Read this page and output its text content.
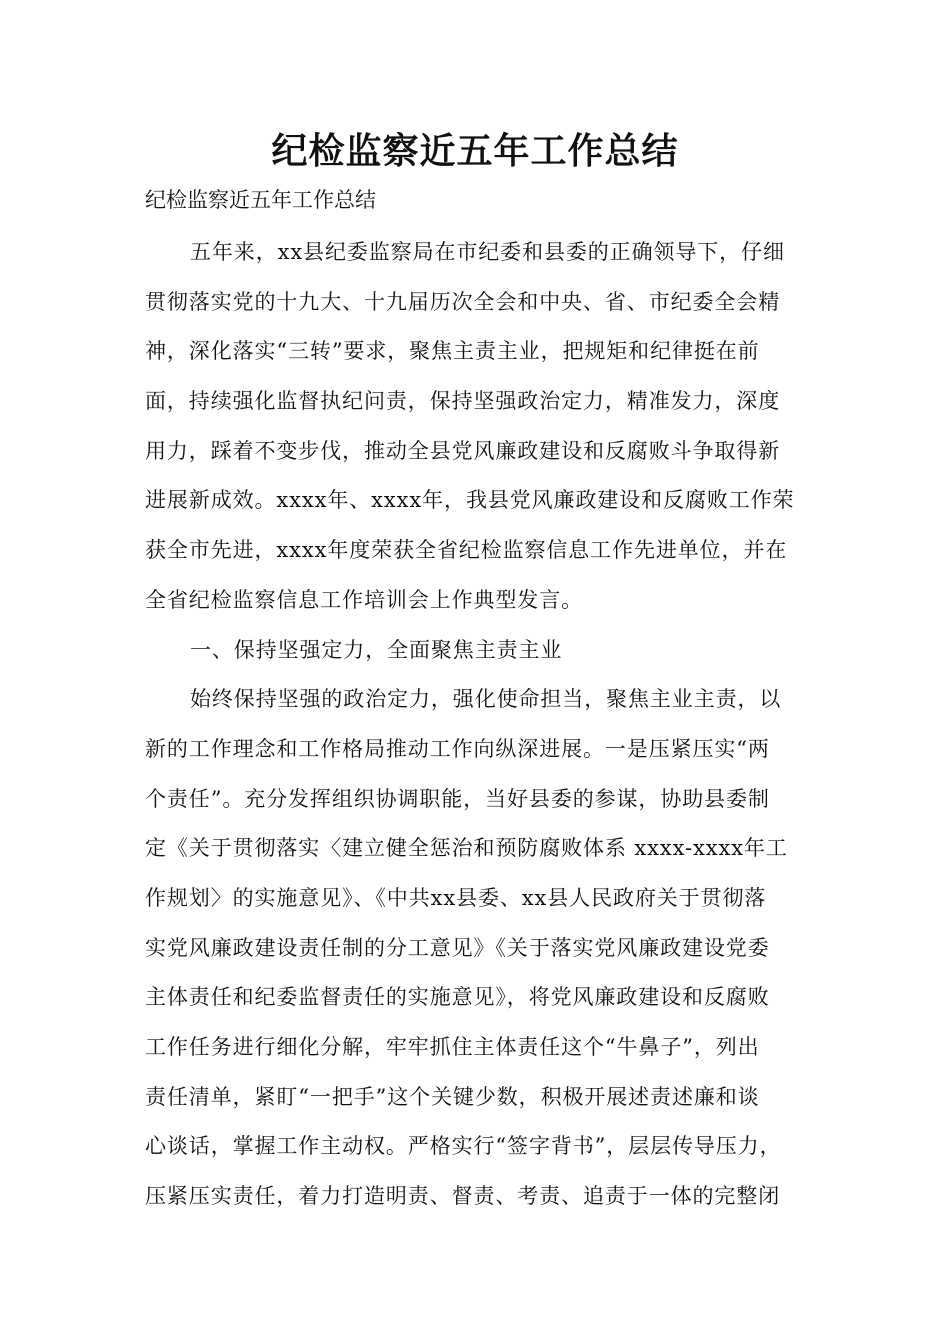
纪检监察近五年工作总结

纪检监察近五年工作总结

五年来，xx县纪委监察局在市纪委和县委的正确领导下，仔细
贯彻落实党的十九大、十九届历次全会和中央、省、市纪委全会精
神，深化落实“三转”要求，聚焦主责主业，把规矩和纪律挺在前
面，持续强化监督执纪问责，保持坚强政治定力，精准发力，深度
用力，踩着不变步伐，推动全县党风廉政建设和反腐败斗争取得新
进展新成效。xxxx年、xxxx年，我县党风廉政建设和反腐败工作荣
获全市先进，xxxx年度荣获全省纪检监察信息工作先进单位，并在
全省纪检监察信息工作培训会上作典型发言。
一、保持坚强定力，全面聚焦主责主业
始终保持坚强的政治定力，强化使命担当，聚焦主业主责，以
新的工作理念和工作格局推动工作向纵深进展。一是压紧压实“两
个责任”。充分发挥组织协调职能，当好县委的参谋，协助县委制
定《关于贯彻落实〈建立健全惩治和预防腐败体系 xxxx-xxxx年工
作规划〉的实施意见》、《中共xx县委、xx县人民政府关于贯彻落
实党风廉政建设责任制的分工意见》《关于落实党风廉政建设党委
主体责任和纪委监督责任的实施意见》，将党风廉政建设和反腐败
工作任务进行细化分解，牢牢抓住主体责任这个“牛鼻子”，列出
责任清单，紧盯“一把手”这个关键少数，积极开展述责述廉和谈
心谈话，掌握工作主动权。严格实行“签字背书”，层层传导压力，
压紧压实责任，着力打造明责、督责、考责、追责于一体的完整闭
